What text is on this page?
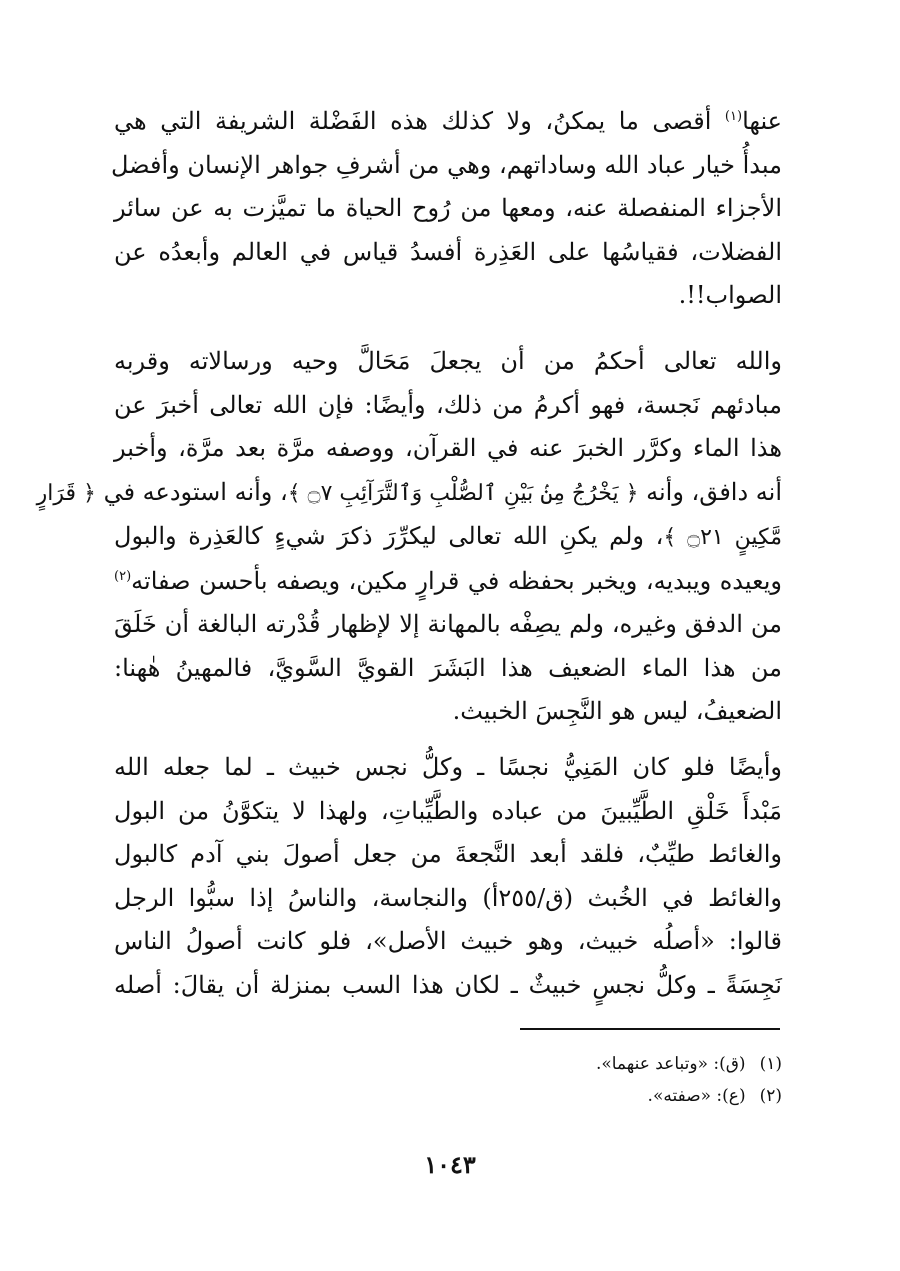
عنها$^{(١)}$ أقصى ما يمكنُ، ولا كذلك هذه الفَضْلة الشريفة التي هي
مبدأُ خيار عباد الله وساداتهم، وهي من أشرفِ جواهر الإنسان وأفضل
الأجزاء المنفصلة عنه، ومعها من رُوح الحياة ما تميَّزت به عن سائر
الفضلات، فقياسُها على العَذِرة أفسدُ قياس في العالم وأبعدُه عن
الصواب!!.
والله تعالى أحكمُ من أن يجعلَ مَحَالَّ وحيه ورسالاته وقربه
مبادئهم نَجسة، فهو أكرمُ من ذلك، وأيضًا: فإن الله تعالى أخبرَ عن
هذا الماء وكرَّر الخبرَ عنه في القرآن، ووصفه مرَّة بعد مرَّة، وأخبر
أنه دافق، وأنه ﴿ يَخْرُجُ مِنۢ بَيْنِ ٱلصُّلْبِ وَٱلتَّرَآئِبِ ۝٧ ﴾، وأنه استودعه في ﴿ قَرَارٍ
مَّكِينٍ ۝٢١ ﴾، ولم يكنِ الله تعالى ليكرِّرَ ذكرَ شيءٍ كالعَذِرة والبول
ويعيده ويبديه، ويخبر بحفظه في قرارٍ مكين، ويصفه بأحسن صفاته$^{(٢)}$
من الدفق وغيره، ولم يصِفْه بالمهانة إلا لإظهار قُدْرته البالغة أن خَلَقَ
من هذا الماء الضعيف هذا البَشَرَ القويَّ السَّويَّ، فالمهينُ هٰهنا:
الضعيفُ، ليس هو النَّجِسَ الخبيث.
وأيضًا فلو كان المَنِيُّ نجسًا ـ وكلُّ نجس خبيث ـ لما جعله الله
مَبْدأَ خَلْقِ الطَّيِّبينَ من عباده والطَّيِّباتِ، ولهذا لا يتكوَّنُ من البول
والغائط طيِّبٌ، فلقد أبعد النَّجعةَ من جعل أصولَ بني آدم كالبول
والغائط في الخُبث (ق/٢٥٥أ) والنجاسة، والناسُ إذا سبُّوا الرجل
قالوا: «أصلُه خبيث، وهو خبيث الأصل»، فلو كانت أصولُ الناس
نَجِسَةً ـ وكلُّ نجسٍ خبيثٌ ـ لكان هذا السب بمنزلة أن يقالَ: أصله
(١)(ق): «وتباعد عنهما».
(٢)(ع): «صفته».
١٠٤٣
